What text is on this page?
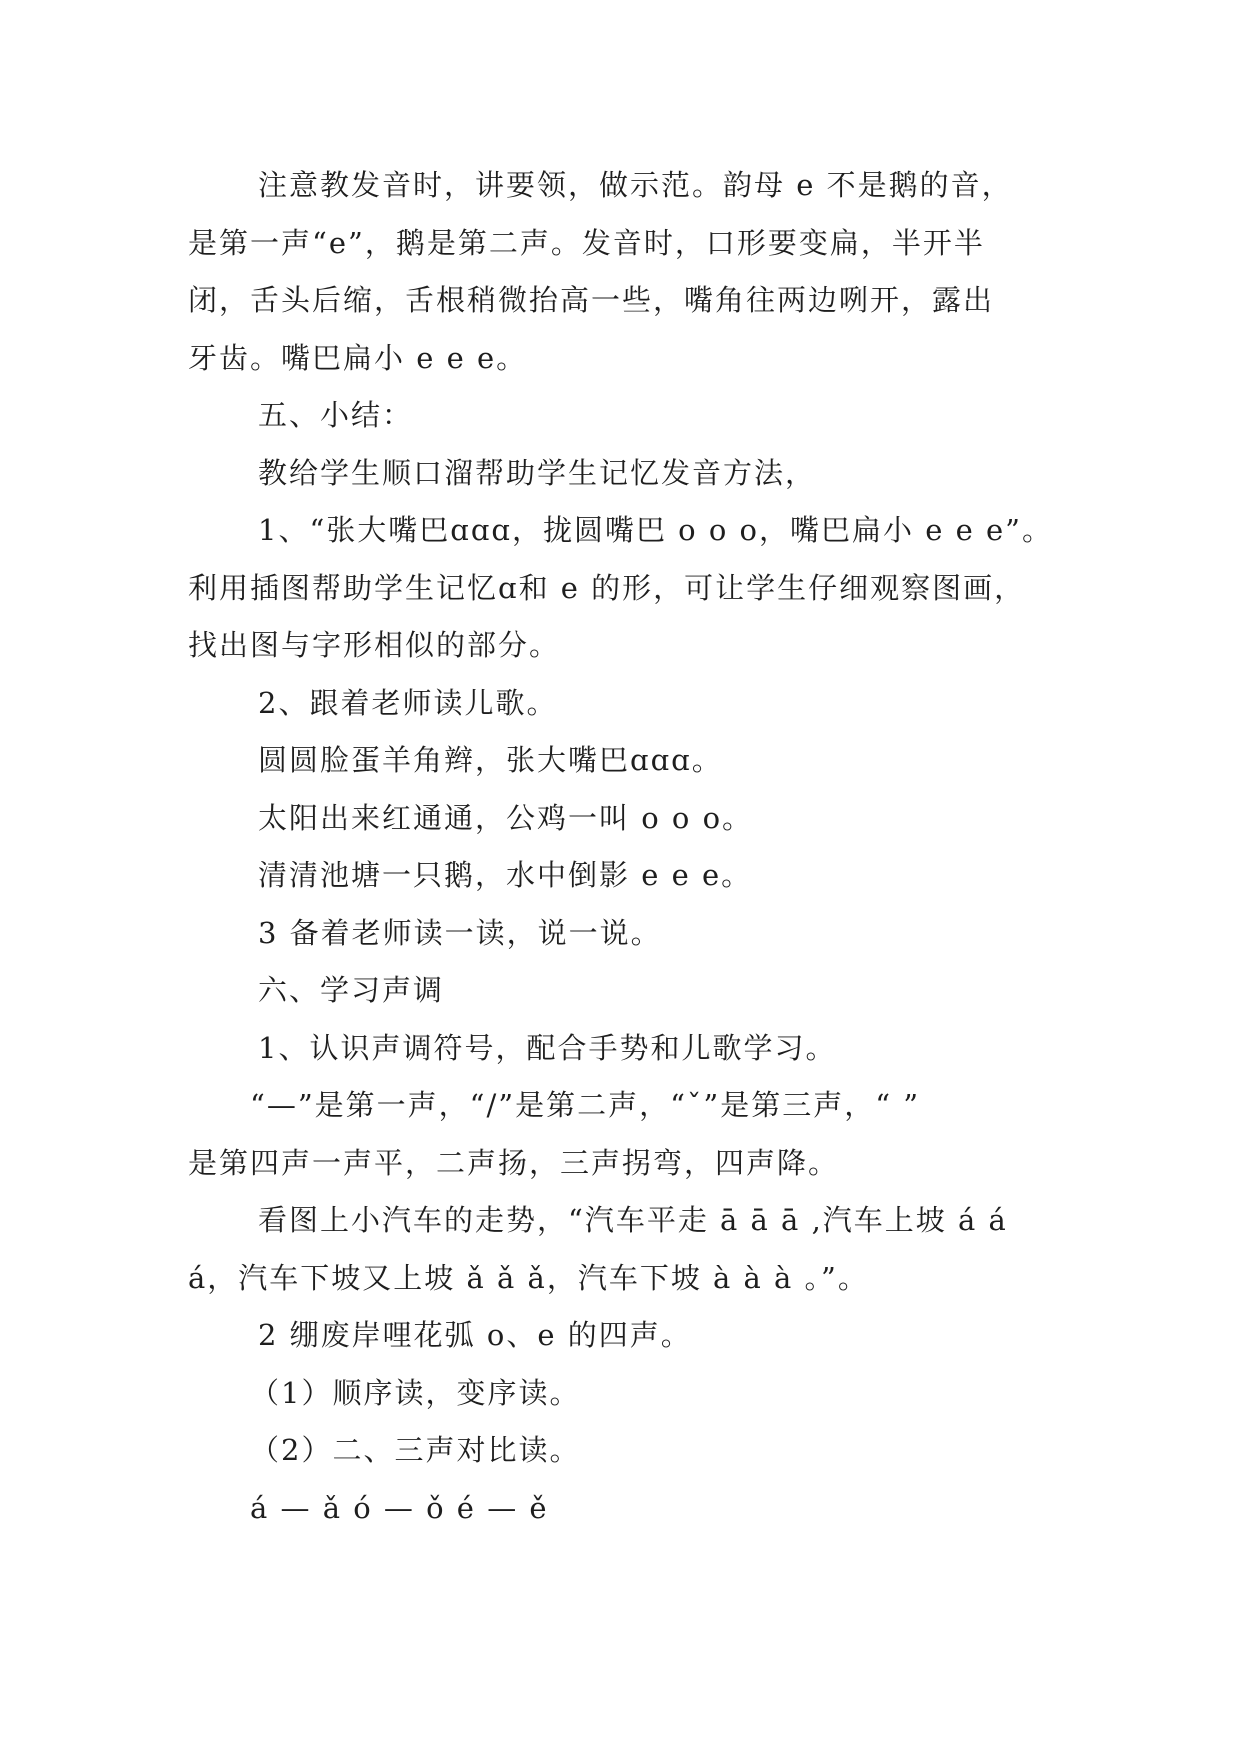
注意教发音时，讲要领，做示范。韵母 e 不是鹅的音，

是第一声“e”，鹅是第二声。发音时，口形要变扁，半开半

闭，舌头后缩，舌根稍微抬高一些，嘴角往两边咧开，露出

牙齿。嘴巴扁小 e e e。

五、小结：

教给学生顺口溜帮助学生记忆发音方法，

1、“张大嘴巴ɑɑɑ，拢圆嘴巴 o o o，嘴巴扁小 e e e”。

利用插图帮助学生记忆ɑ和 e 的形，可让学生仔细观察图画，

找出图与字形相似的部分。

2、跟着老师读儿歌。

圆圆脸蛋羊角辫，张大嘴巴ɑɑɑ。

太阳出来红通通，公鸡一叫 o o o。

清清池塘一只鹅，水中倒影 e e e。

3 备着老师读一读，说一说。

六、学习声调

1、认识声调符号，配合手势和儿歌学习。

“—”是第一声，“/”是第二声，“ˇ”是第三声，“ ”

是第四声一声平，二声扬，三声拐弯，四声降。

看图上小汽车的走势，“汽车平走 ā ā ā ,汽车上坡 á á

á，汽车下坡又上坡 ǎ ǎ ǎ，汽车下坡 à à à 。”。

2 绷废岸哩花弧 o、e 的四声。

（1）顺序读，变序读。

（2）二、三声对比读。

á — ǎ ó — ǒ é — ě
